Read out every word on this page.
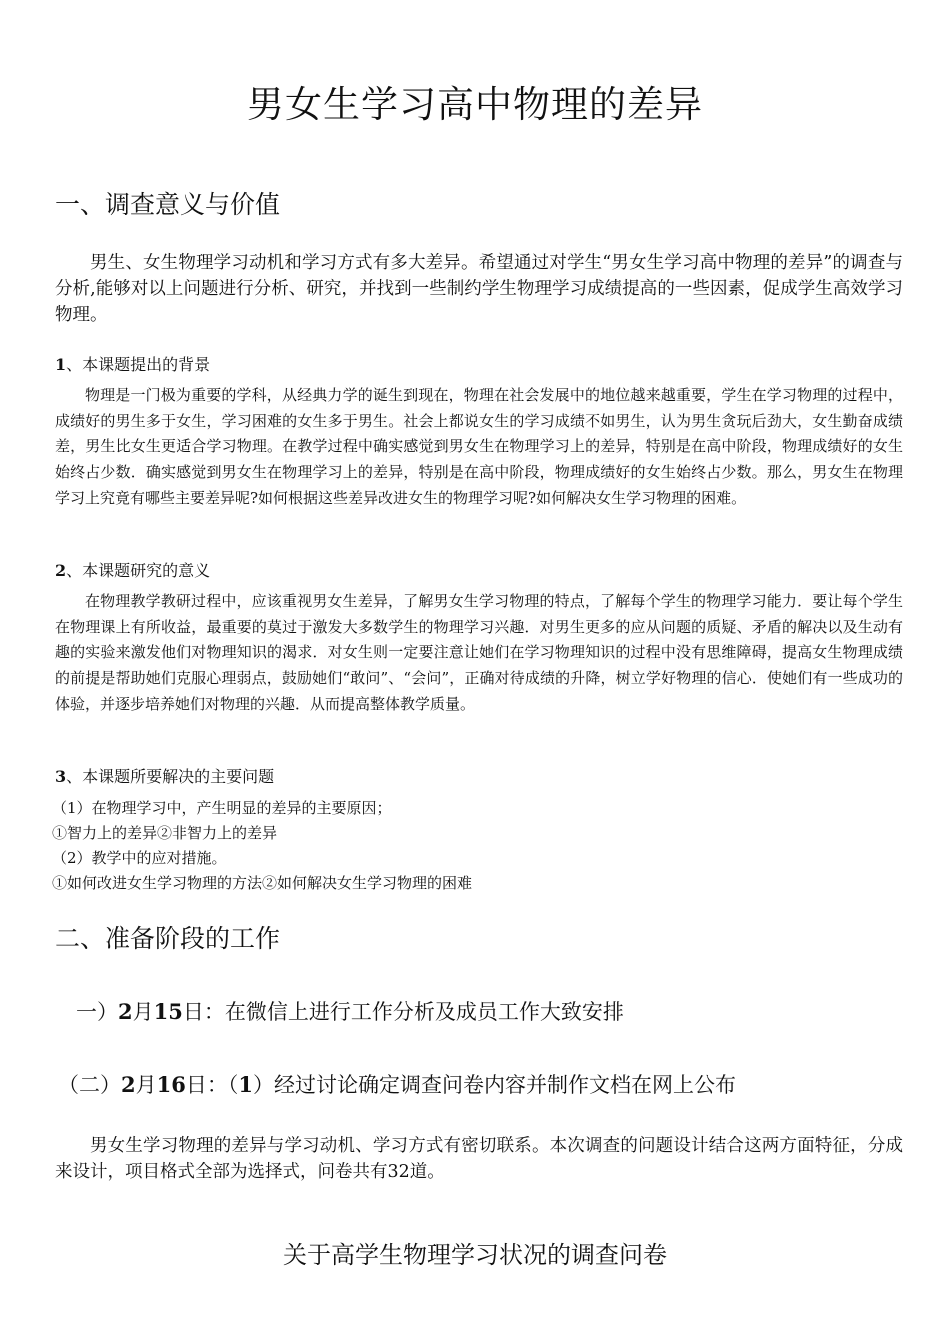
男女生学习高中物理的差异
一、调查意义与价值

男生、女生物理学习动机和学习方式有多大差异。希望通过对学生“男女生学习高中物理的差异”的调查与分析,能够对以上问题进行分析、研究，并找到一些制约学生物理学习成绩提高的一些因素，促成学生高效学习物理。

1、本课题提出的背景

物理是一门极为重要的学科，从经典力学的诞生到现在，物理在社会发展中的地位越来越重要，学生在学习物理的过程中，成绩好的男生多于女生，学习困难的女生多于男生。社会上都说女生的学习成绩不如男生，认为男生贪玩后劲大，女生勤奋成绩差，男生比女生更适合学习物理。在教学过程中确实感觉到男女生在物理学习上的差异，特别是在高中阶段，物理成绩好的女生始终占少数．确实感觉到男女生在物理学习上的差异，特别是在高中阶段，物理成绩好的女生始终占少数。那么，男女生在物理学习上究竟有哪些主要差异呢?如何根据这些差异改进女生的物理学习呢?如何解决女生学习物理的困难。

2、本课题研究的意义

在物理教学教研过程中，应该重视男女生差异，了解男女生学习物理的特点，了解每个学生的物理学习能力．要让每个学生在物理课上有所收益，最重要的莫过于激发大多数学生的物理学习兴趣．对男生更多的应从问题的质疑、矛盾的解决以及生动有趣的实验来激发他们对物理知识的渴求．对女生则一定要注意让她们在学习物理知识的过程中没有思维障碍，提高女生物理成绩的前提是帮助她们克服心理弱点，鼓励她们“敢问”、“会问”，正确对待成绩的升降，树立学好物理的信心．使她们有一些成功的体验，并逐步培养她们对物理的兴趣．从而提高整体教学质量。

3、本课题所要解决的主要问题
（1）在物理学习中，产生明显的差异的主要原因；
①智力上的差异②非智力上的差异
（2）教学中的应对措施。
①如何改进女生学习物理的方法②如何解决女生学习物理的困难
二、准备阶段的工作
一）2月15日：在微信上进行工作分析及成员工作大致安排
（二）2月16日：（1）经过讨论确定调查问卷内容并制作文档在网上公布

男女生学习物理的差异与学习动机、学习方式有密切联系。本次调查的问题设计结合这两方面特征，分成来设计，项目格式全部为选择式，问卷共有32道。

关于高学生物理学习状况的调查问卷
